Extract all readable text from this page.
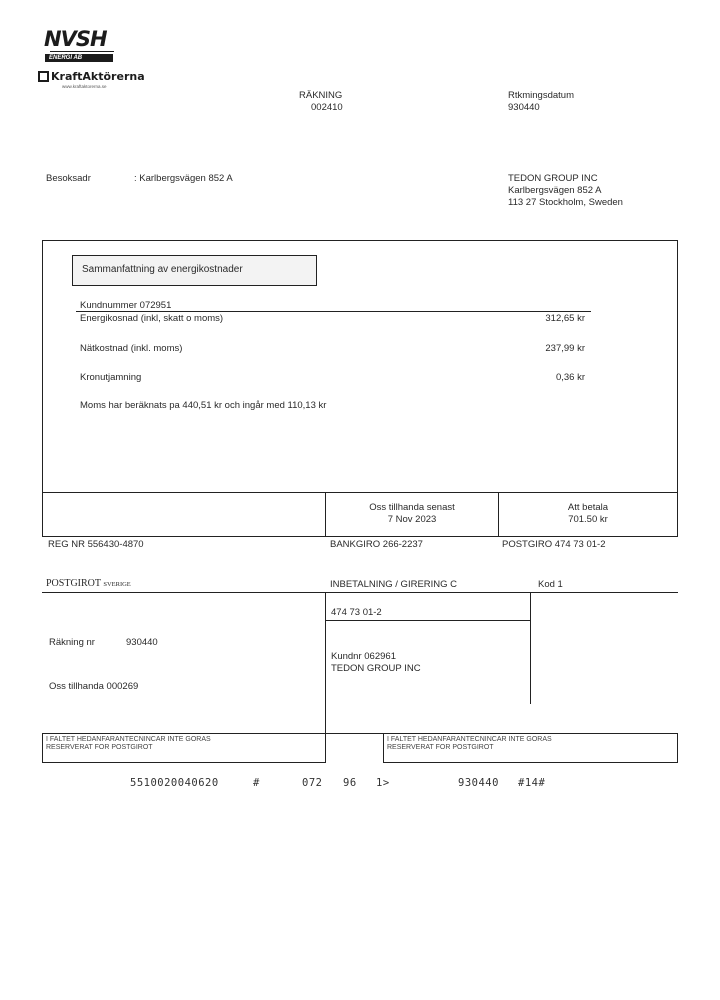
NVSH
ENERGI AB
KraftAktörerna
www.kraftaktorerna.se
RÄKNING
002410
Rtkmingsdatum
930440
Besoksadr	: Karlbergsvägen 852 A	TEDON GROUP INC
Karlbergsvägen 852 A
113 27 Stockholm, Sweden
Sammanfattning av energikostnader
Kundnummer 072951
Energikosnad (inkl, skatt o moms)	312,65 kr
Nätkostnad (inkl. moms)	237,99 kr
Kronutjamning	0,36 kr
Moms har beräknats pa 440,51 kr och ingår med 110,13 kr
Oss tillhanda senast
7 Nov 2023
Att betala
701.50 kr
REG NR 556430-4870	BANKGIRO 266-2237	POSTGIRO 474 73 01-2
POSTGIROT SVERIGE	INBETALNING / GIRERING C	Kod 1
474 73 01-2
Räkning nr	930440
Oss tillhanda 000269
Kundnr 062961
TEDON GROUP INC
I FALTET HEDANFARANTECNINCAR INTE GORAS
RESERVERAT FOR POSTGIROT
I FALTET HEDANFARANTECNINCAR INTE GORAS
RESERVERAT FOR POSTGIROT
5510020040620	#	072 96 1>	930440 #14#
